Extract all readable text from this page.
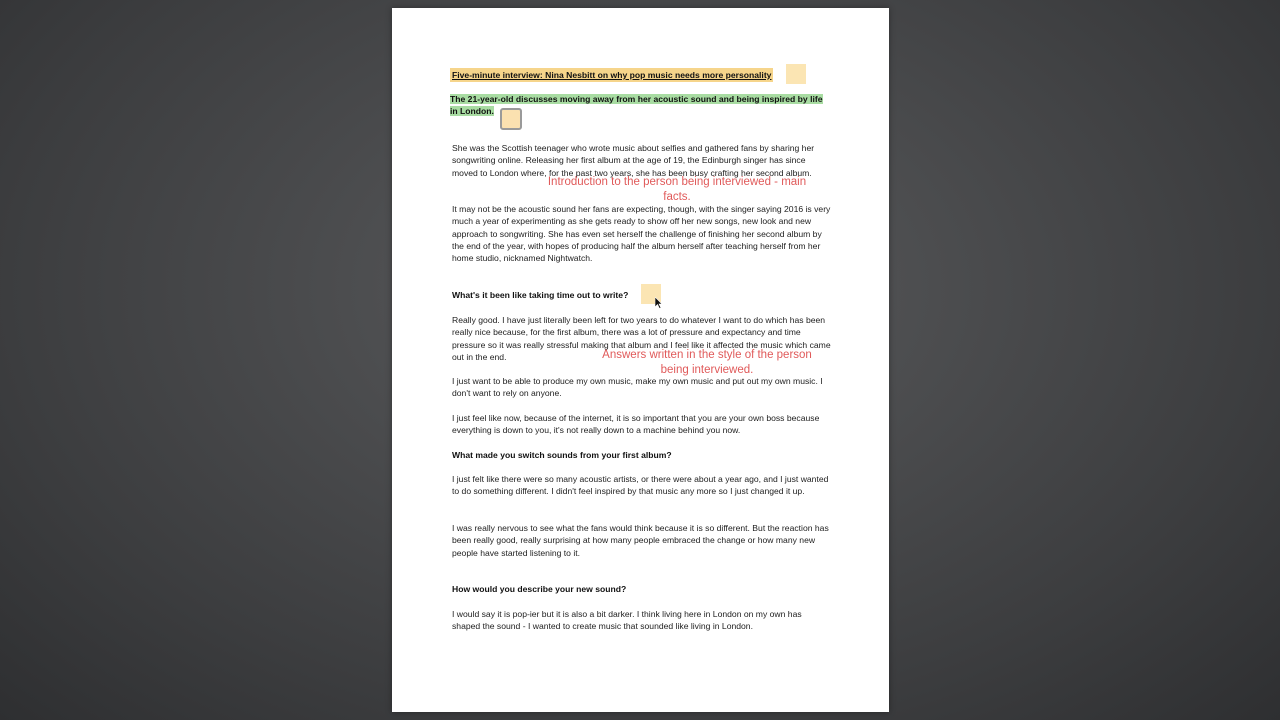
Five-minute interview: Nina Nesbitt on why pop music needs more personality

The 21-year-old discusses moving away from her acoustic sound and being inspired by life in London.

She was the Scottish teenager who wrote music about selfies and gathered fans by sharing her songwriting online. Releasing her first album at the age of 19, the Edinburgh singer has since moved to London where, for the past two years, she has been busy crafting her second album.

Introduction to the person being interviewed - main facts.

It may not be the acoustic sound her fans are expecting, though, with the singer saying 2016 is very much a year of experimenting as she gets ready to show off her new songs, new look and new approach to songwriting. She has even set herself the challenge of finishing her second album by the end of the year, with hopes of producing half the album herself after teaching herself from her home studio, nicknamed Nightwatch.

What's it been like taking time out to write?

Really good. I have just literally been left for two years to do whatever I want to do which has been really nice because, for the first album, there was a lot of pressure and expectancy and time pressure so it was really stressful making that album and I feel like it affected the music which came out in the end.	Answers written in the style of the person being interviewed.

I just want to be able to produce my own music, make my own music and put out my own music. I don't want to rely on anyone.

I just feel like now, because of the internet, it is so important that you are your own boss because everything is down to you, it's not really down to a machine behind you now.

What made you switch sounds from your first album?

I just felt like there were so many acoustic artists, or there were about a year ago, and I just wanted to do something different. I didn't feel inspired by that music any more so I just changed it up.

I was really nervous to see what the fans would think because it is so different. But the reaction has been really good, really surprising at how many people embraced the change or how many new people have started listening to it.

How would you describe your new sound?

I would say it is pop-ier but it is also a bit darker. I think living here in London on my own has shaped the sound - I wanted to create music that sounded like living in London.
